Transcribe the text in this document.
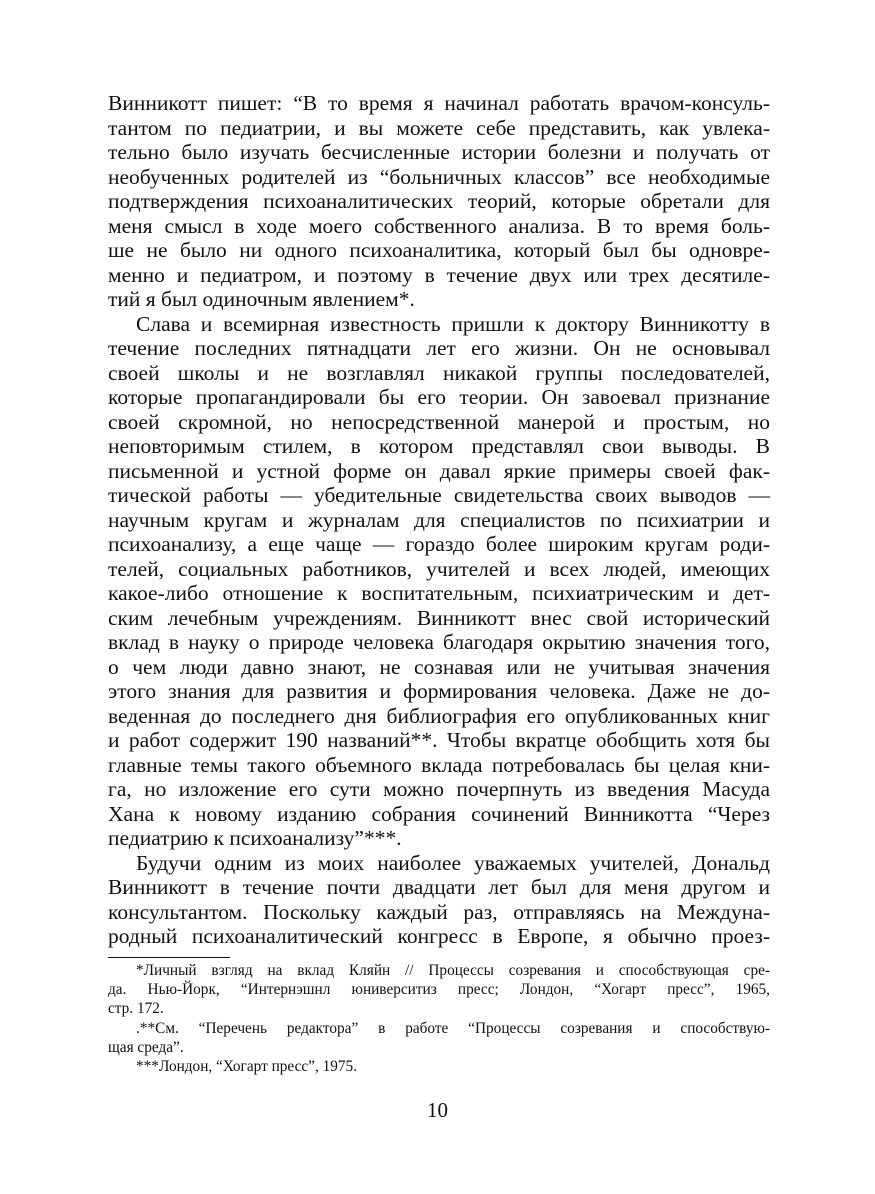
Винникотт пишет: “В то время я начинал работать врачом-консуль-
тантом по педиатрии, и вы можете себе представить, как увлека-
тельно было изучать бесчисленные истории болезни и получать от
необученных родителей из “больничных классов” все необходимые
подтверждения психоаналитических теорий, которые обретали для
меня смысл в ходе моего собственного анализа. В то время боль-
ше не было ни одного психоаналитика, который был бы одновре-
менно и педиатром, и поэтому в течение двух или трех десятиле-
тий я был одиночным явлением*.
Слава и всемирная известность пришли к доктору Винникотту в
течение последних пятнадцати лет его жизни. Он не основывал
своей школы и не возглавлял никакой группы последователей,
которые пропагандировали бы его теории. Он завоевал признание
своей скромной, но непосредственной манерой и простым, но
неповторимым стилем, в котором представлял свои выводы. В
письменной и устной форме он давал яркие примеры своей фак-
тической работы — убедительные свидетельства своих выводов —
научным кругам и журналам для специалистов по психиатрии и
психоанализу, а еще чаще — гораздо более широким кругам роди-
телей, социальных работников, учителей и всех людей, имеющих
какое-либо отношение к воспитательным, психиатрическим и дет-
ским лечебным учреждениям. Винникотт внес свой исторический
вклад в науку о природе человека благодаря окрытию значения того,
о чем люди давно знают, не сознавая или не учитывая значения
этого знания для развития и формирования человека. Даже не до-
веденная до последнего дня библиография его опубликованных книг
и работ содержит 190 названий**. Чтобы вкратце обобщить хотя бы
главные темы такого объемного вклада потребовалась бы целая кни-
га, но изложение его сути можно почерпнуть из введения Масуда
Хана к новому изданию собрания сочинений Винникотта “Через
педиатрию к психоанализу”***.
Будучи одним из моих наиболее уважаемых учителей, Дональд
Винникотт в течение почти двадцати лет был для меня другом и
консультантом. Поскольку каждый раз, отправляясь на Междуна-
родный психоаналитический конгресс в Европе, я обычно проез-
*Личный взгляд на вклад Кляйн // Процессы созревания и способствующая сре-
да. Нью-Йорк, “Интернэшнл юниверситиз пресс; Лондон, “Хогарт пресс”, 1965,
стр. 172.
.**См. “Перечень редактора” в работе “Процессы созревания и способствую-
щая среда”.
***Лондон, “Хогарт пресс”, 1975.
10
